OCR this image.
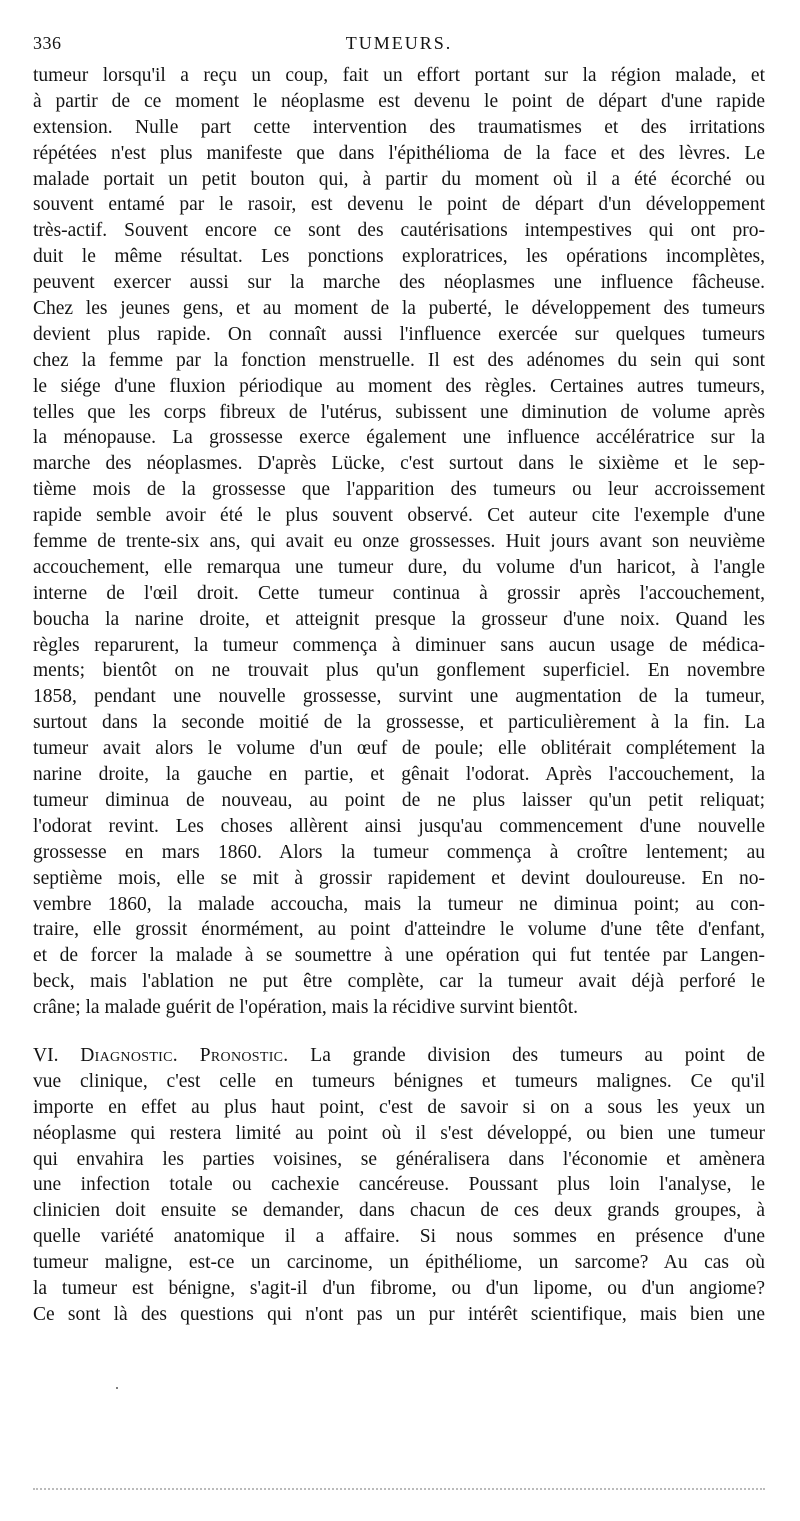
336	TUMEURS.
tumeur lorsqu'il a reçu un coup, fait un effort portant sur la région malade, et
à partir de ce moment le néoplasme est devenu le point de départ d'une rapide
extension. Nulle part cette intervention des traumatismes et des irritations
répétées n'est plus manifeste que dans l'épithélioma de la face et des lèvres. Le
malade portait un petit bouton qui, à partir du moment où il a été écorché ou
souvent entamé par le rasoir, est devenu le point de départ d'un développement
très-actif. Souvent encore ce sont des cautérisations intempestives qui ont pro-
duit le même résultat. Les ponctions exploratrices, les opérations incomplètes,
peuvent exercer aussi sur la marche des néoplasmes une influence fâcheuse.
Chez les jeunes gens, et au moment de la puberté, le développement des tumeurs
devient plus rapide. On connaît aussi l'influence exercée sur quelques tumeurs
chez la femme par la fonction menstruelle. Il est des adénomes du sein qui sont
le siége d'une fluxion périodique au moment des règles. Certaines autres tumeurs,
telles que les corps fibreux de l'utérus, subissent une diminution de volume après
la ménopause. La grossesse exerce également une influence accélératrice sur la
marche des néoplasmes. D'après Lücke, c'est surtout dans le sixième et le sep-
tième mois de la grossesse que l'apparition des tumeurs ou leur accroissement
rapide semble avoir été le plus souvent observé. Cet auteur cite l'exemple d'une
femme de trente-six ans, qui avait eu onze grossesses. Huit jours avant son neuvième
accouchement, elle remarqua une tumeur dure, du volume d'un haricot, à l'angle
interne de l'œil droit. Cette tumeur continua à grossir après l'accouchement,
boucha la narine droite, et atteignit presque la grosseur d'une noix. Quand les
règles reparurent, la tumeur commença à diminuer sans aucun usage de médica-
ments; bientôt on ne trouvait plus qu'un gonflement superficiel. En novembre
1858, pendant une nouvelle grossesse, survint une augmentation de la tumeur,
surtout dans la seconde moitié de la grossesse, et particulièrement à la fin. La
tumeur avait alors le volume d'un œuf de poule; elle oblitérait complétement la
narine droite, la gauche en partie, et gênait l'odorat. Après l'accouchement, la
tumeur diminua de nouveau, au point de ne plus laisser qu'un petit reliquat;
l'odorat revint. Les choses allèrent ainsi jusqu'au commencement d'une nouvelle
grossesse en mars 1860. Alors la tumeur commença à croître lentement; au
septième mois, elle se mit à grossir rapidement et devint douloureuse. En no-
vembre 1860, la malade accoucha, mais la tumeur ne diminua point; au con-
traire, elle grossit énormément, au point d'atteindre le volume d'une tête d'enfant,
et de forcer la malade à se soumettre à une opération qui fut tentée par Langen-
beck, mais l'ablation ne put être complète, car la tumeur avait déjà perforé le
crâne; la malade guérit de l'opération, mais la récidive survint bientôt.
VI. Diagnostic. Pronostic. La grande division des tumeurs au point de
vue clinique, c'est celle en tumeurs bénignes et tumeurs malignes. Ce qu'il
importe en effet au plus haut point, c'est de savoir si on a sous les yeux un
néoplasme qui restera limité au point où il s'est développé, ou bien une tumeur
qui envahira les parties voisines, se généralisera dans l'économie et amènera
une infection totale ou cachexie cancéreuse. Poussant plus loin l'analyse, le
clinicien doit ensuite se demander, dans chacun de ces deux grands groupes, à
quelle variété anatomique il a affaire. Si nous sommes en présence d'une
tumeur maligne, est-ce un carcinome, un épithéliome, un sarcome? Au cas où
la tumeur est bénigne, s'agit-il d'un fibrome, ou d'un lipome, ou d'un angiome?
Ce sont là des questions qui n'ont pas un pur intérêt scientifique, mais bien une
